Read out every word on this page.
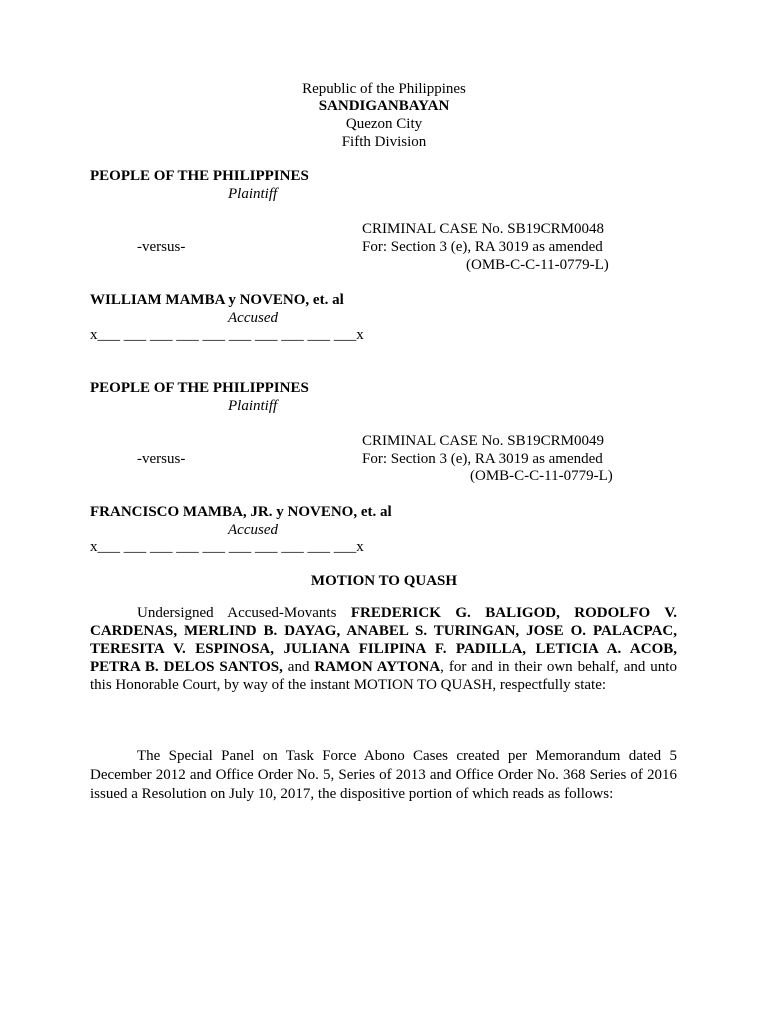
Republic of the Philippines
SANDIGANBAYAN
Quezon City
Fifth Division
PEOPLE OF THE PHILIPPINES
Plaintiff
CRIMINAL CASE No. SB19CRM0048
-versus-	For: Section 3 (e), RA 3019 as amended
(OMB-C-C-11-0779-L)
WILLIAM MAMBA y NOVENO, et. al
Accused
x___ ___ ___ ___ ___ ___ ___ ___ ___ ___x
PEOPLE OF THE PHILIPPINES
Plaintiff
CRIMINAL CASE No. SB19CRM0049
-versus-	For: Section 3 (e), RA 3019 as amended
(OMB-C-C-11-0779-L)
FRANCISCO MAMBA, JR. y NOVENO, et. al
Accused
x___ ___ ___ ___ ___ ___ ___ ___ ___ ___x
MOTION TO QUASH
Undersigned Accused-Movants FREDERICK G. BALIGOD, RODOLFO V. CARDENAS, MERLIND B. DAYAG, ANABEL S. TURINGAN, JOSE O. PALACPAC, TERESITA V. ESPINOSA, JULIANA FILIPINA F. PADILLA, LETICIA A. ACOB, PETRA B. DELOS SANTOS, and RAMON AYTONA, for and in their own behalf, and unto this Honorable Court, by way of the instant MOTION TO QUASH, respectfully state:
The Special Panel on Task Force Abono Cases created per Memorandum dated 5 December 2012 and Office Order No. 5, Series of 2013 and Office Order No. 368 Series of 2016 issued a Resolution on July 10, 2017, the dispositive portion of which reads as follows:
